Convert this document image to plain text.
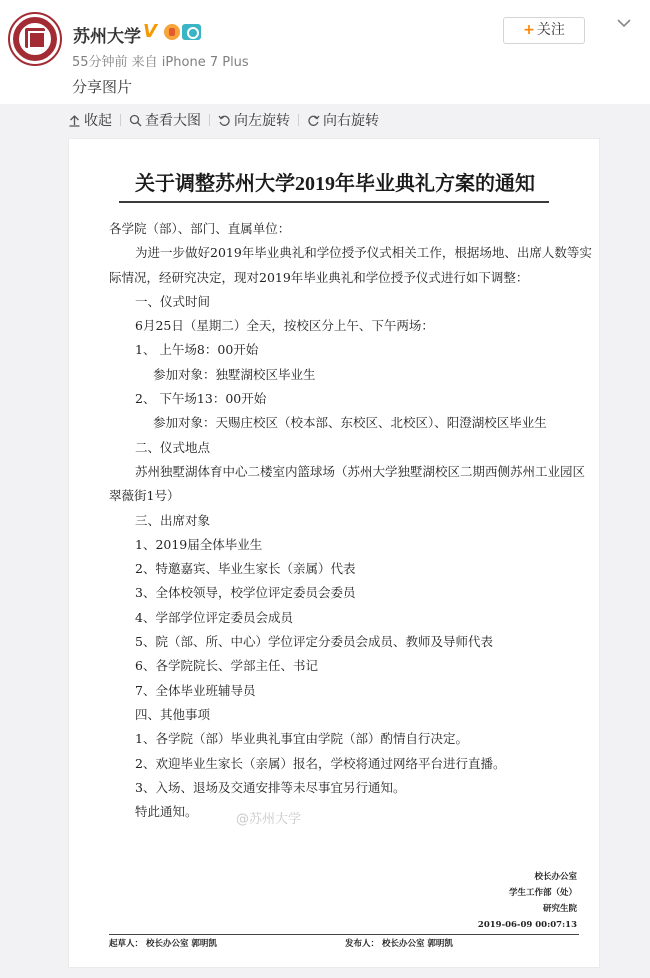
苏州大学 V
55分钟前 来自 iPhone 7 Plus
分享图片
+ 关注
收起 查看大图 向左旋转 向右旋转
关于调整苏州大学2019年毕业典礼方案的通知

各学院（部）、部门、直属单位：

为进一步做好2019年毕业典礼和学位授予仪式相关工作，根据场地、出席人数等实

际情况，经研究决定，现对2019年毕业典礼和学位授予仪式进行如下调整：

一、仪式时间

6月25日（星期二）全天，按校区分上午、下午两场：

1、 上午场8：00开始

参加对象：独墅湖校区毕业生

2、 下午场13：00开始

参加对象：天赐庄校区（校本部、东校区、北校区）、阳澄湖校区毕业生

二、仪式地点

苏州独墅湖体育中心二楼室内篮球场（苏州大学独墅湖校区二期西侧苏州工业园区

翠薇街1号）

三、出席对象

1、2019届全体毕业生

2、特邀嘉宾、毕业生家长（亲属）代表

3、全体校领导，校学位评定委员会委员

4、学部学位评定委员会成员

5、院（部、所、中心）学位评定分委员会成员、教师及导师代表

6、各学院院长、学部主任、书记

7、全体毕业班辅导员

四、其他事项

1、各学院（部）毕业典礼事宜由学院（部）酌情自行决定。

2、欢迎毕业生家长（亲属）报名，学校将通过网络平台进行直播。

3、入场、退场及交通安排等未尽事宜另行通知。

特此通知。

校长办公室
学生工作部（处）
研究生院
2019-06-09 00:07:13
起草人： 校长办公室 郭明凯	发布人： 校长办公室 郭明凯
@苏州大学
